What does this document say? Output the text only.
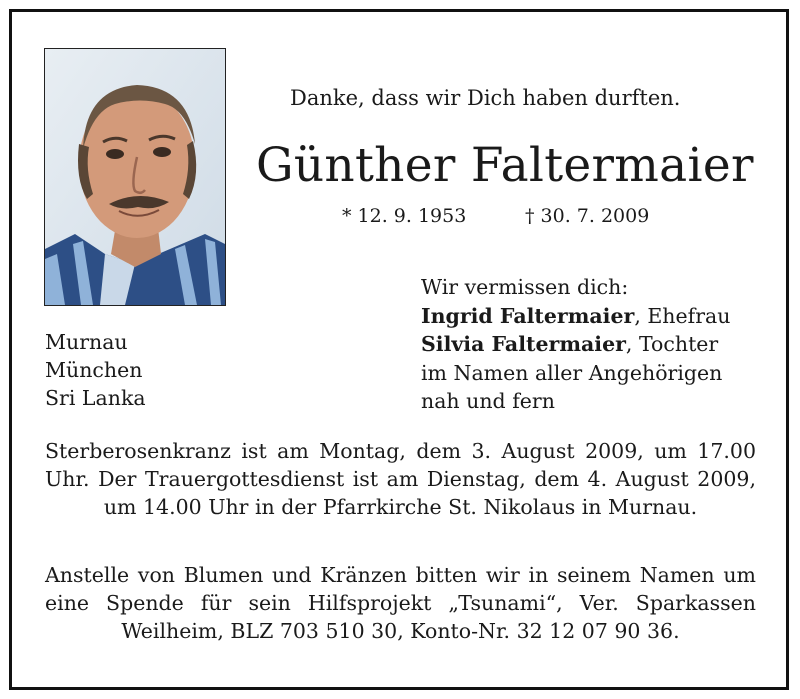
Danke, dass wir Dich haben durften.
Günther Faltermaier
* 12. 9. 1953	† 30. 7. 2009
Wir vermissen dich:
Ingrid Faltermaier, Ehefrau
Silvia Faltermaier, Tochter
im Namen aller Angehörigen
nah und fern
Murnau
München
Sri Lanka
Sterberosenkranz ist am Montag, dem 3. August 2009, um 17.00 Uhr. Der Trauergottesdienst ist am Dienstag, dem 4. August 2009, um 14.00 Uhr in der Pfarrkirche St. Nikolaus in Murnau.
Anstelle von Blumen und Kränzen bitten wir in seinem Namen um eine Spende für sein Hilfsprojekt „Tsunami“, Ver. Sparkassen Weilheim, BLZ 703 510 30, Konto-Nr. 32 12 07 90 36.
